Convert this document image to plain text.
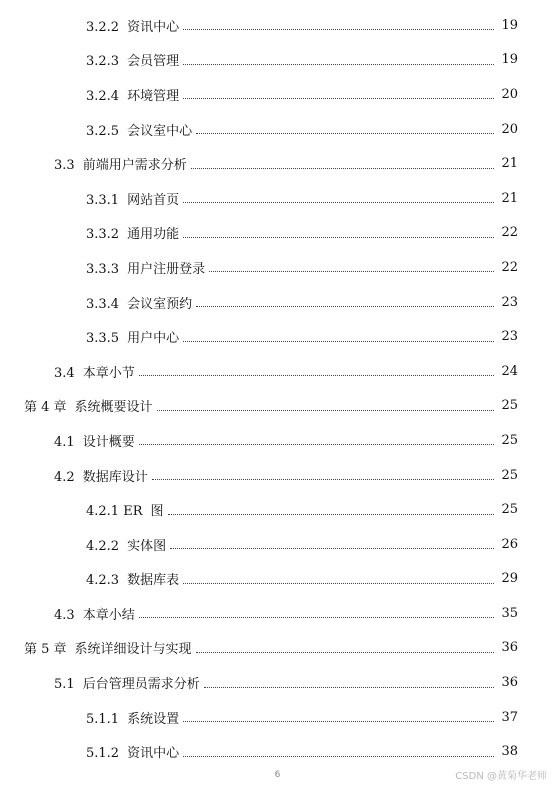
3.2.2 资讯中心	19
3.2.3 会员管理	19
3.2.4 环境管理	20
3.2.5 会议室中心	20
3.3 前端用户需求分析	21
3.3.1 网站首页	21
3.3.2 通用功能	22
3.3.3 用户注册登录	22
3.3.4 会议室预约	23
3.3.5 用户中心	23
3.4 本章小节	24
第 4 章 系统概要设计	25
4.1 设计概要	25
4.2 数据库设计	25
4.2.1 ER 图	25
4.2.2 实体图	26
4.2.3 数据库表	29
4.3 本章小结	35
第 5 章 系统详细设计与实现	36
5.1 后台管理员需求分析	36
5.1.1 系统设置	37
5.1.2 资讯中心	38
6	CSDN @黄菊华老师
